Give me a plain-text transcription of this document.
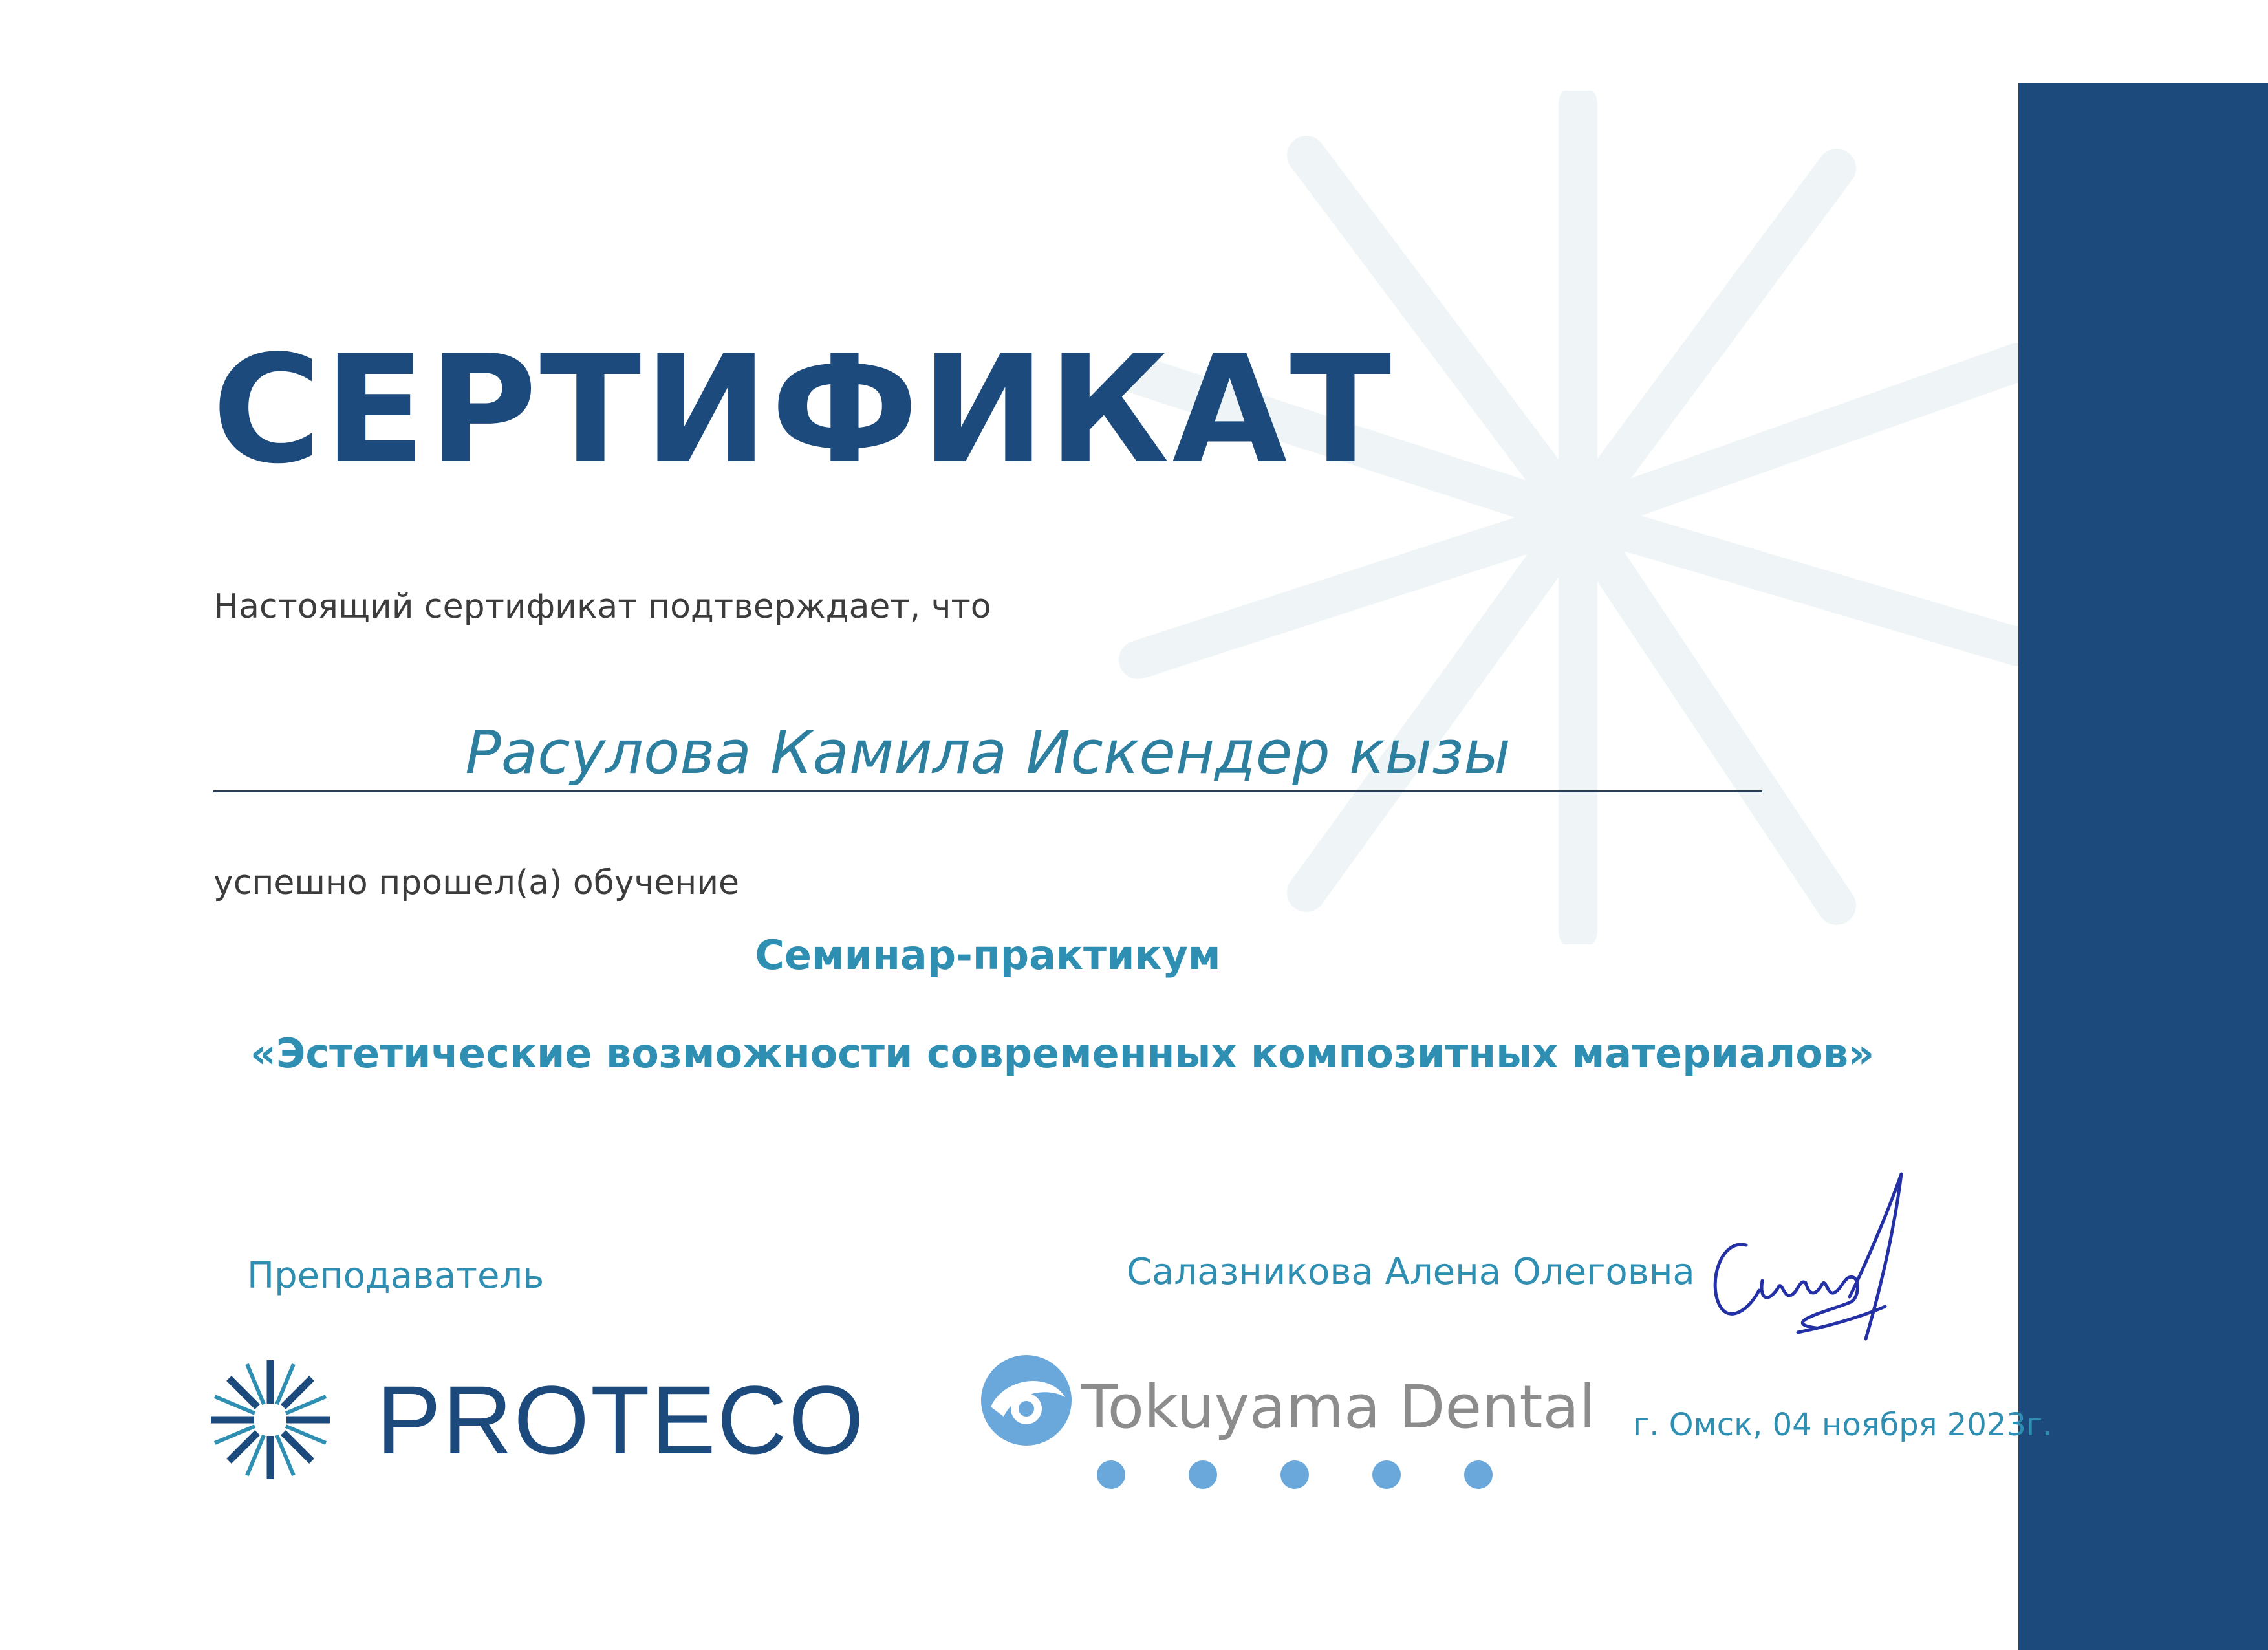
СЕРТИФИКАТ
Настоящий сертификат подтверждает, что
Расулова Камила Искендер кызы
успешно прошел(а) обучение
Семинар-практикум
«Эстетические возможности современных композитных материалов»
Преподаватель	Салазникова Алена Олеговна
PROTECO	Tokuyama Dental г. Омск, 04 ноября 2023г.
